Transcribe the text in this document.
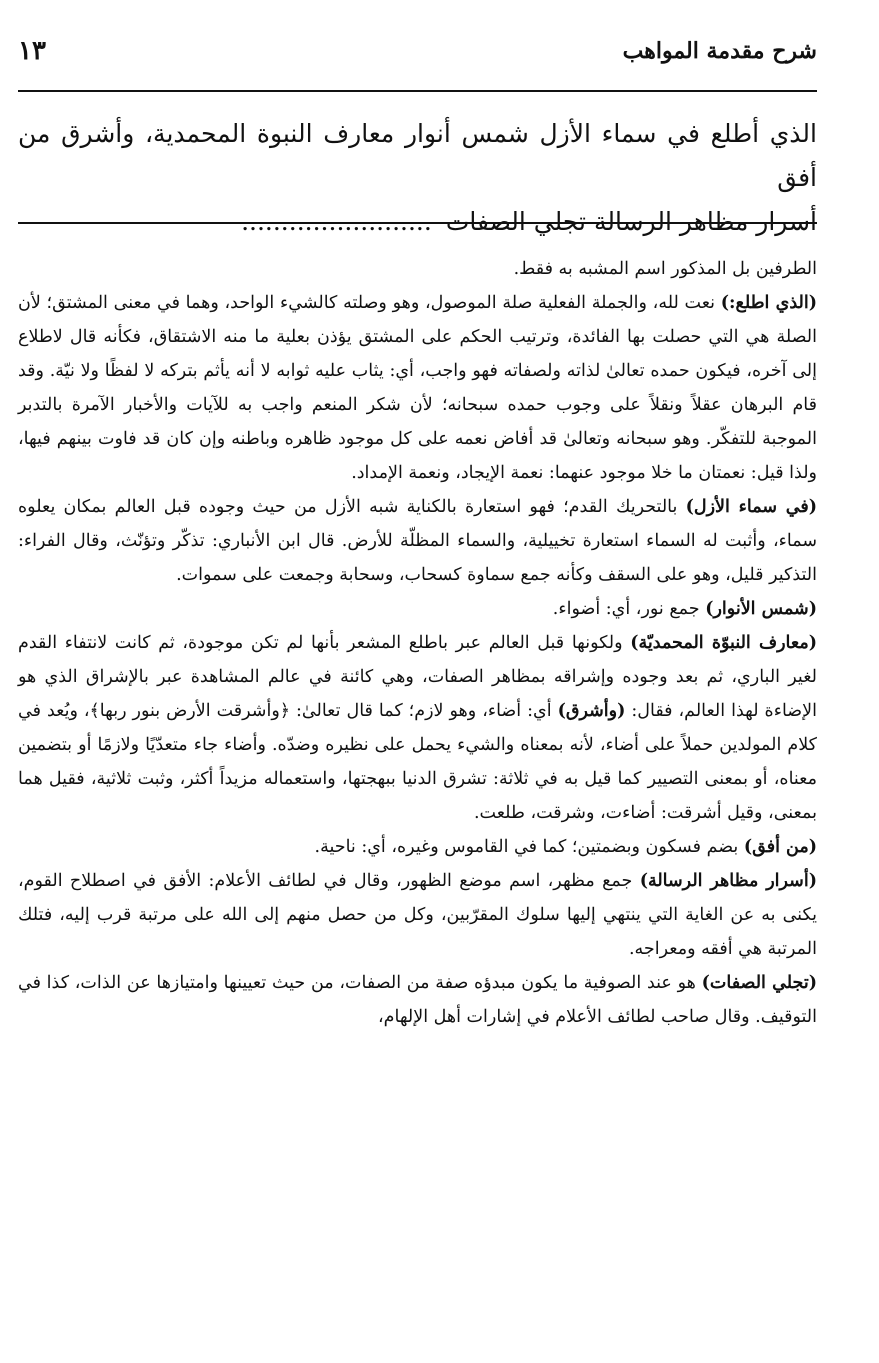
شرح مقدمة المواهب
١٣

الذي أطلع في سماء الأزل شمس أنوار معارف النبوة المحمدية، وأشرق من أفق

أسرار مظاهر الرسالة تجلي الصفات........................

الطرفين بل المذكور اسم المشبه به فقط.

(الذي اطلع:) نعت لله، والجملة الفعلية صلة الموصول، وهو وصلته كالشيء الواحد، وهما في معنى المشتق؛ لأن الصلة هي التي حصلت بها الفائدة، وترتيب الحكم على المشتق يؤذن بعلية ما منه الاشتقاق، فكأنه قال لاطلاع إلى آخره، فيكون حمده تعالىٰ لذاته ولصفاته فهو واجب، أي: يثاب عليه ثوابه لا أنه يأثم بتركه لا لفظًا ولا نيّة. وقد قام البرهان عقلاً ونقلاً على وجوب حمده سبحانه؛ لأن شكر المنعم واجب به للآيات والأخبار الآمرة بالتدبر الموجبة للتفكّر. وهو سبحانه وتعالىٰ قد أفاض نعمه على كل موجود ظاهره وباطنه وإن كان قد فاوت بينهم فيها، ولذا قيل: نعمتان ما خلا موجود عنهما: نعمة الإيجاد، ونعمة الإمداد.

(في سماء الأزل) بالتحريك القدم؛ فهو استعارة بالكناية شبه الأزل من حيث وجوده قبل العالم بمكان يعلوه سماء، وأثبت له السماء استعارة تخييلية، والسماء المظلّة للأرض. قال ابن الأنباري: تذكّر وتؤنّث، وقال الفراء: التذكير قليل، وهو على السقف وكأنه جمع سماوة كسحاب، وسحابة وجمعت على سموات.

(شمس الأنوار) جمع نور، أي: أضواء.

(معارف النبوّة المحمديّة) ولكونها قبل العالم عبر باطلع المشعر بأنها لم تكن موجودة، ثم كانت لانتفاء القدم لغير الباري، ثم بعد وجوده وإشراقه بمظاهر الصفات، وهي كائنة في عالم المشاهدة عبر بالإشراق الذي هو الإضاءة لهذا العالم، فقال: (وأشرق) أي: أضاء، وهو لازم؛ كما قال تعالىٰ: ﴿وأشرقت الأرض بنور ربها﴾، ويُعد في كلام المولدين حملاً على أضاء، لأنه بمعناه والشيء يحمل على نظيره وضدّه. وأضاء جاء متعدّيًا ولازمًا أو بتضمين معناه، أو بمعنى التصيير كما قيل به في ثلاثة: تشرق الدنيا ببهجتها، واستعماله مزيداً أكثر، وثبت ثلاثية، فقيل هما بمعنى، وقيل أشرقت: أضاءت، وشرقت، طلعت.

(من أفق) بضم فسكون وبضمتين؛ كما في القاموس وغيره، أي: ناحية.

(أسرار مظاهر الرسالة) جمع مظهر، اسم موضع الظهور، وقال في لطائف الأعلام: الأفق في اصطلاح القوم، يكنى به عن الغاية التي ينتهي إليها سلوك المقرّبين، وكل من حصل منهم إلى الله على مرتبة قرب إليه، فتلك المرتبة هي أفقه ومعراجه.

(تجلي الصفات) هو عند الصوفية ما يكون مبدؤه صفة من الصفات، من حيث تعيينها وامتيازها عن الذات، كذا في التوقيف. وقال صاحب لطائف الأعلام في إشارات أهل الإلهام،
